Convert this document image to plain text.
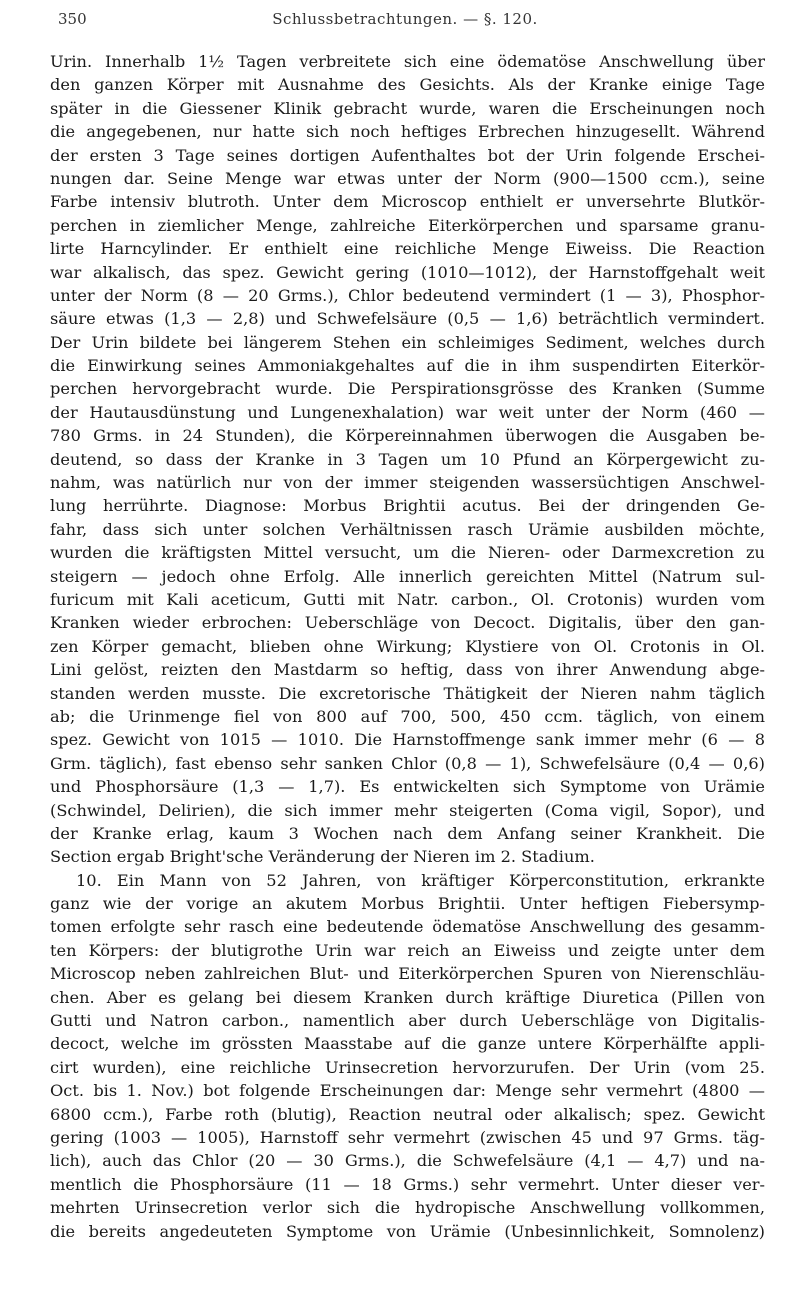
350	Schlussbetrachtungen. — §. 120.
Urin. Innerhalb 1½ Tagen verbreitete sich eine ödematöse Anschwellung über
den ganzen Körper mit Ausnahme des Gesichts. Als der Kranke einige Tage
später in die Giessener Klinik gebracht wurde, waren die Erscheinungen noch
die angegebenen, nur hatte sich noch heftiges Erbrechen hinzugesellt. Während
der ersten 3 Tage seines dortigen Aufenthaltes bot der Urin folgende Erschei-
nungen dar. Seine Menge war etwas unter der Norm (900—1500 ccm.), seine
Farbe intensiv blutroth. Unter dem Microscop enthielt er unversehrte Blutkör-
perchen in ziemlicher Menge, zahlreiche Eiterkörperchen und sparsame granu-
lirte Harncylinder. Er enthielt eine reichliche Menge Eiweiss. Die Reaction
war alkalisch, das spez. Gewicht gering (1010—1012), der Harnstoffgehalt weit
unter der Norm (8 — 20 Grms.), Chlor bedeutend vermindert (1 — 3), Phosphor-
säure etwas (1,3 — 2,8) und Schwefelsäure (0,5 — 1,6) beträchtlich vermindert.
Der Urin bildete bei längerem Stehen ein schleimiges Sediment, welches durch
die Einwirkung seines Ammoniakgehaltes auf die in ihm suspendirten Eiterkör-
perchen hervorgebracht wurde. Die Perspirationsgrösse des Kranken (Summe
der Hautausdünstung und Lungenexhalation) war weit unter der Norm (460 —
780 Grms. in 24 Stunden), die Körpereinnahmen überwogen die Ausgaben be-
deutend, so dass der Kranke in 3 Tagen um 10 Pfund an Körpergewicht zu-
nahm, was natürlich nur von der immer steigenden wassersüchtigen Anschwel-
lung herrührte. Diagnose: Morbus Brightii acutus. Bei der dringenden Ge-
fahr, dass sich unter solchen Verhältnissen rasch Urämie ausbilden möchte,
wurden die kräftigsten Mittel versucht, um die Nieren- oder Darmexcretion zu
steigern — jedoch ohne Erfolg. Alle innerlich gereichten Mittel (Natrum sul-
furicum mit Kali aceticum, Gutti mit Natr. carbon., Ol. Crotonis) wurden vom
Kranken wieder erbrochen: Ueberschläge von Decoct. Digitalis, über den gan-
zen Körper gemacht, blieben ohne Wirkung; Klystiere von Ol. Crotonis in Ol.
Lini gelöst, reizten den Mastdarm so heftig, dass von ihrer Anwendung abge-
standen werden musste. Die excretorische Thätigkeit der Nieren nahm täglich
ab; die Urinmenge fiel von 800 auf 700, 500, 450 ccm. täglich, von einem
spez. Gewicht von 1015 — 1010. Die Harnstoffmenge sank immer mehr (6 — 8
Grm. täglich), fast ebenso sehr sanken Chlor (0,8 — 1), Schwefelsäure (0,4 — 0,6)
und Phosphorsäure (1,3 — 1,7). Es entwickelten sich Symptome von Urämie
(Schwindel, Delirien), die sich immer mehr steigerten (Coma vigil, Sopor), und
der Kranke erlag, kaum 3 Wochen nach dem Anfang seiner Krankheit. Die
Section ergab Bright'sche Veränderung der Nieren im 2. Stadium.
10. Ein Mann von 52 Jahren, von kräftiger Körperconstitution, erkrankte
ganz wie der vorige an akutem Morbus Brightii. Unter heftigen Fiebersymp-
tomen erfolgte sehr rasch eine bedeutende ödematöse Anschwellung des gesamm-
ten Körpers: der blutigrothe Urin war reich an Eiweiss und zeigte unter dem
Microscop neben zahlreichen Blut- und Eiterkörperchen Spuren von Nierenschläu-
chen. Aber es gelang bei diesem Kranken durch kräftige Diuretica (Pillen von
Gutti und Natron carbon., namentlich aber durch Ueberschläge von Digitalis-
decoct, welche im grössten Maasstabe auf die ganze untere Körperhälfte appli-
cirt wurden), eine reichliche Urinsecretion hervorzurufen. Der Urin (vom 25.
Oct. bis 1. Nov.) bot folgende Erscheinungen dar: Menge sehr vermehrt (4800 —
6800 ccm.), Farbe roth (blutig), Reaction neutral oder alkalisch; spez. Gewicht
gering (1003 — 1005), Harnstoff sehr vermehrt (zwischen 45 und 97 Grms. täg-
lich), auch das Chlor (20 — 30 Grms.), die Schwefelsäure (4,1 — 4,7) und na-
mentlich die Phosphorsäure (11 — 18 Grms.) sehr vermehrt. Unter dieser ver-
mehrten Urinsecretion verlor sich die hydropische Anschwellung vollkommen,
die bereits angedeuteten Symptome von Urämie (Unbesinnlichkeit, Somnolenz)
